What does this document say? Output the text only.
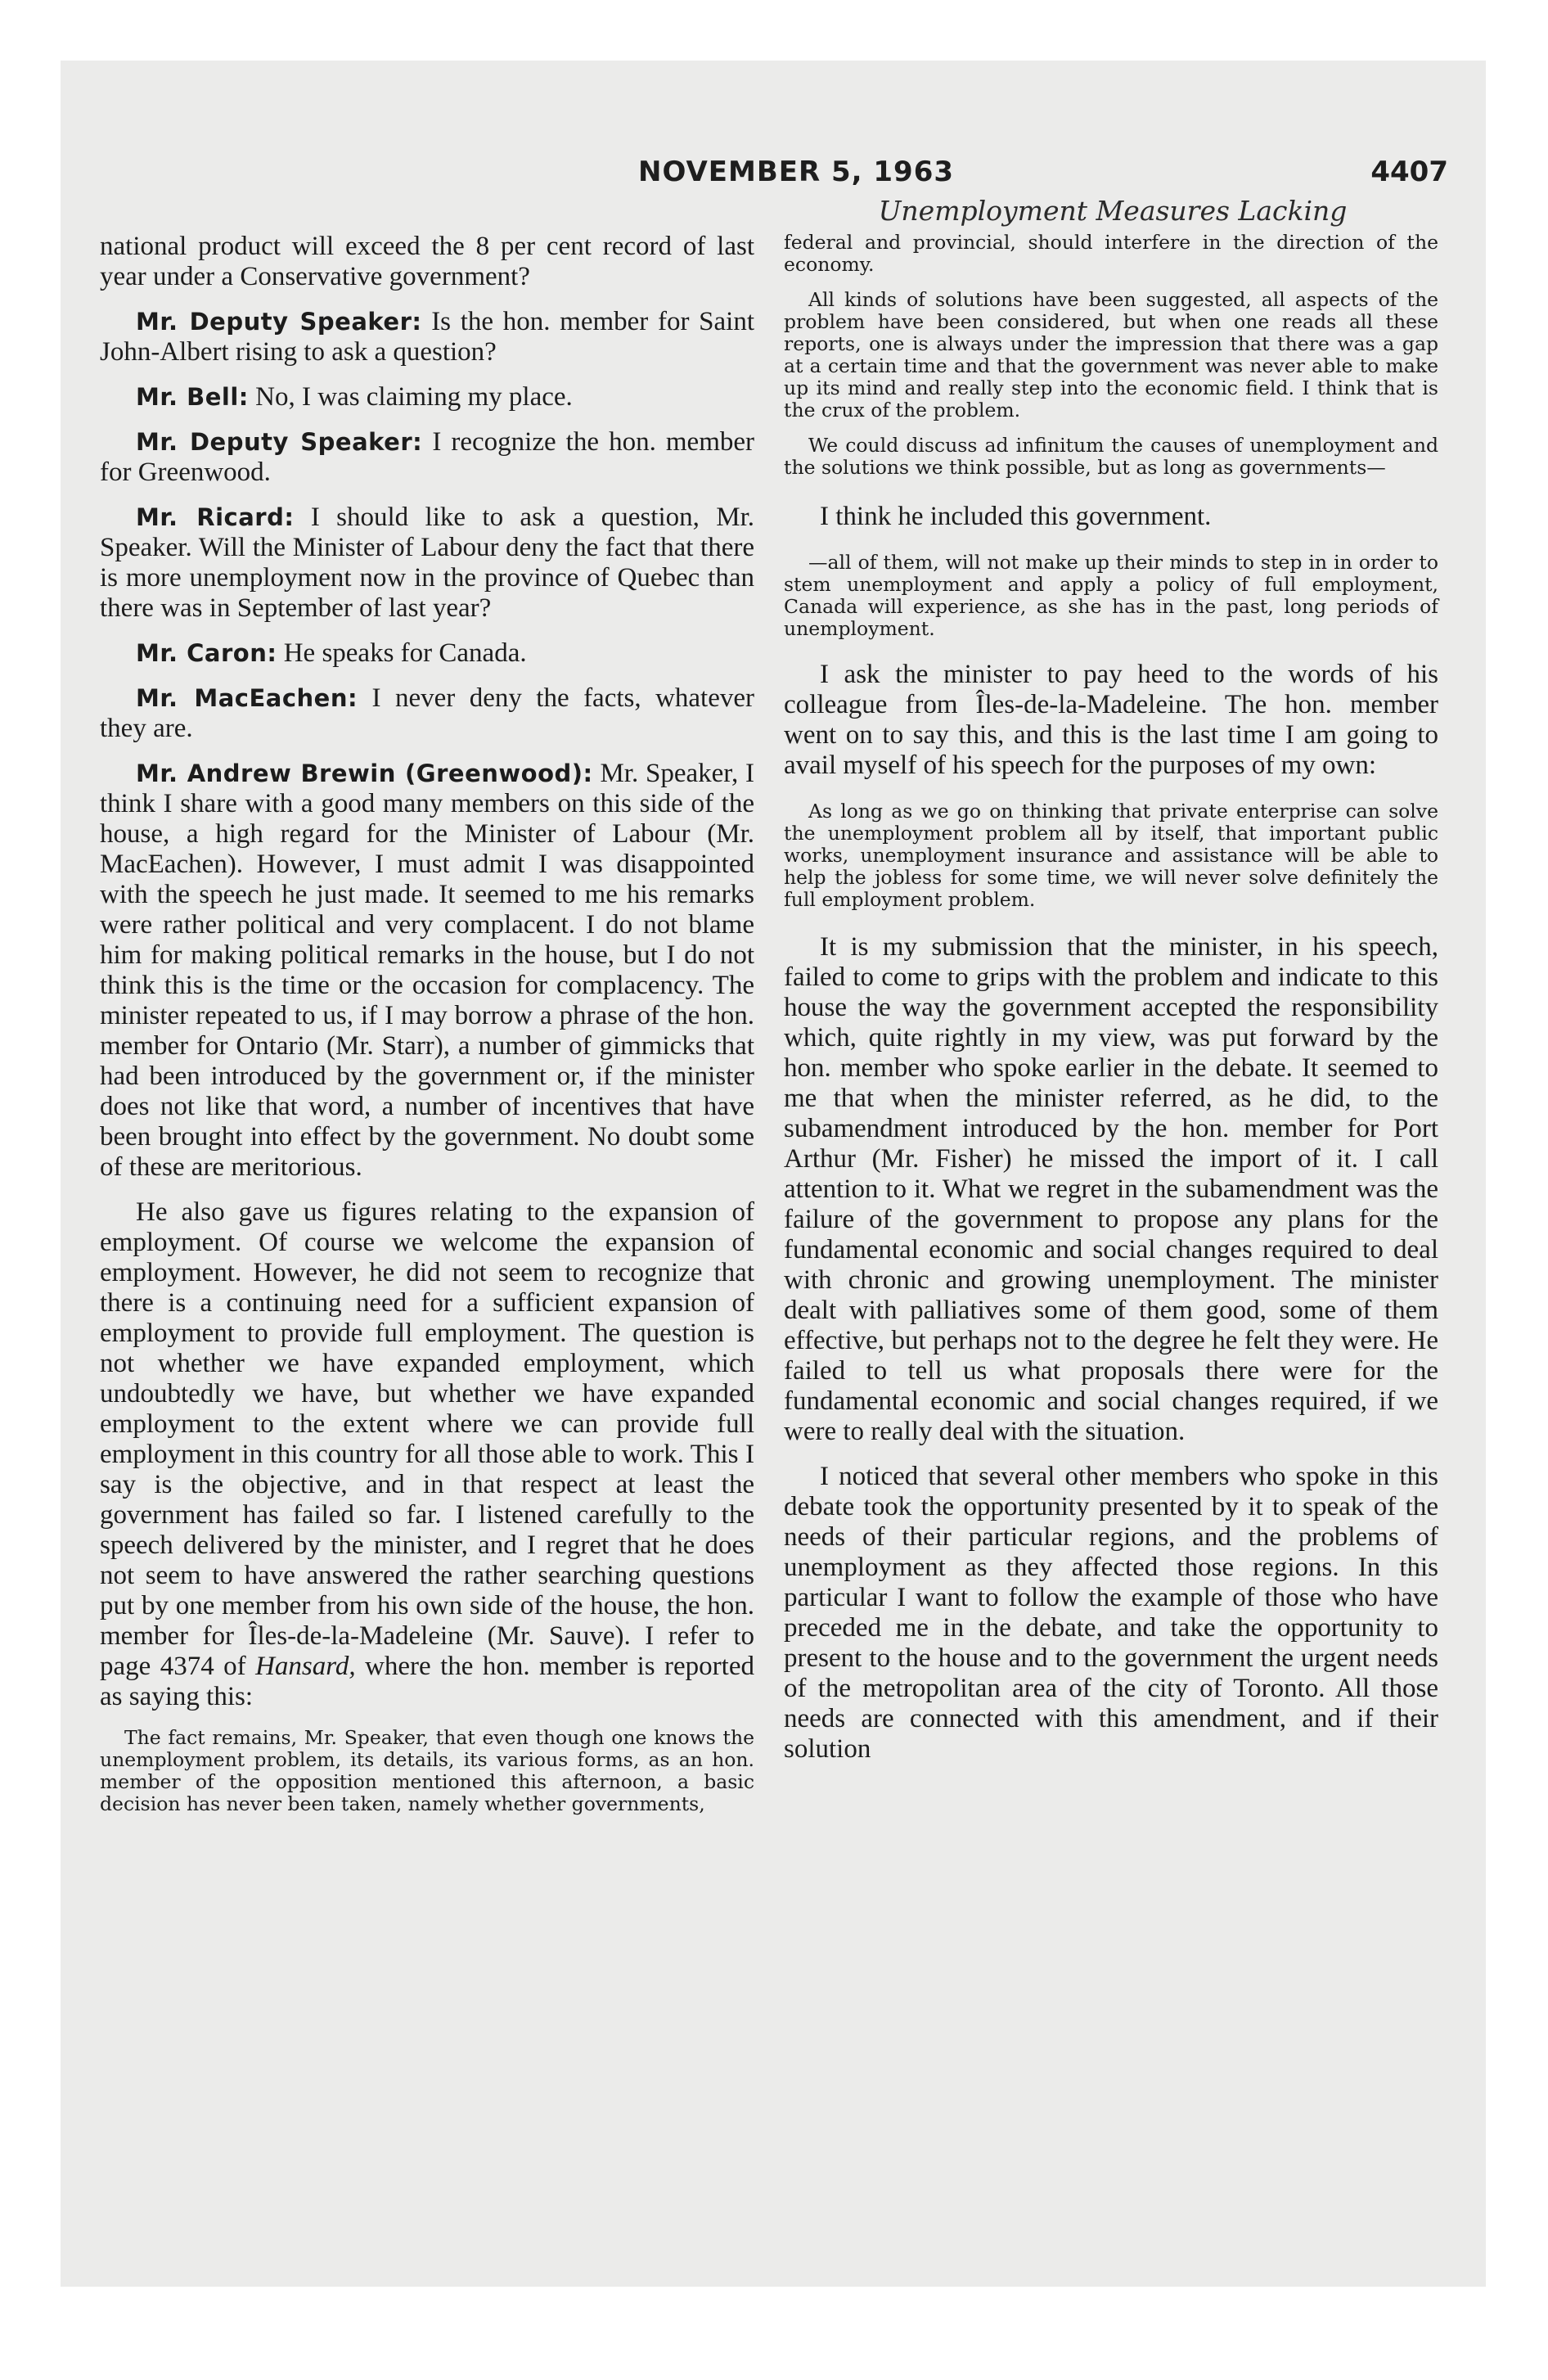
NOVEMBER 5, 1963	4407
Unemployment Measures Lacking

national product will exceed the 8 per cent record of last year under a Conservative government?

Mr. Deputy Speaker: Is the hon. member for Saint John-Albert rising to ask a question?

Mr. Bell: No, I was claiming my place.

Mr. Deputy Speaker: I recognize the hon. member for Greenwood.

Mr. Ricard: I should like to ask a question, Mr. Speaker. Will the Minister of Labour deny the fact that there is more unemployment now in the province of Quebec than there was in September of last year?

Mr. Caron: He speaks for Canada.

Mr. MacEachen: I never deny the facts, whatever they are.

Mr. Andrew Brewin (Greenwood): Mr. Speaker, I think I share with a good many members on this side of the house, a high regard for the Minister of Labour (Mr. MacEachen). However, I must admit I was disappointed with the speech he just made. It seemed to me his remarks were rather political and very complacent. I do not blame him for making political remarks in the house, but I do not think this is the time or the occasion for complacency. The minister repeated to us, if I may borrow a phrase of the hon. member for Ontario (Mr. Starr), a number of gimmicks that had been introduced by the government or, if the minister does not like that word, a number of incentives that have been brought into effect by the government. No doubt some of these are meritorious.

He also gave us figures relating to the expansion of employment. Of course we welcome the expansion of employment. However, he did not seem to recognize that there is a continuing need for a sufficient expansion of employment to provide full employment. The question is not whether we have expanded employment, which undoubtedly we have, but whether we have expanded employment to the extent where we can provide full employment in this country for all those able to work. This I say is the objective, and in that respect at least the government has failed so far. I listened carefully to the speech delivered by the minister, and I regret that he does not seem to have answered the rather searching questions put by one member from his own side of the house, the hon. member for Îles-de-la-Madeleine (Mr. Sauve). I refer to page 4374 of Hansard, where the hon. member is reported as saying this:

The fact remains, Mr. Speaker, that even though one knows the unemployment problem, its details, its various forms, as an hon. member of the opposition mentioned this afternoon, a basic decision has never been taken, namely whether governments,

federal and provincial, should interfere in the direction of the economy.

All kinds of solutions have been suggested, all aspects of the problem have been considered, but when one reads all these reports, one is always under the impression that there was a gap at a certain time and that the government was never able to make up its mind and really step into the economic field. I think that is the crux of the problem.

We could discuss ad infinitum the causes of unemployment and the solutions we think possible, but as long as governments—

I think he included this government.

—all of them, will not make up their minds to step in in order to stem unemployment and apply a policy of full employment, Canada will experience, as she has in the past, long periods of unemployment.

I ask the minister to pay heed to the words of his colleague from Îles-de-la-Madeleine. The hon. member went on to say this, and this is the last time I am going to avail myself of his speech for the purposes of my own:

As long as we go on thinking that private enterprise can solve the unemployment problem all by itself, that important public works, unemployment insurance and assistance will be able to help the jobless for some time, we will never solve definitely the full employment problem.

It is my submission that the minister, in his speech, failed to come to grips with the problem and indicate to this house the way the government accepted the responsibility which, quite rightly in my view, was put forward by the hon. member who spoke earlier in the debate. It seemed to me that when the minister referred, as he did, to the subamendment introduced by the hon. member for Port Arthur (Mr. Fisher) he missed the import of it. I call attention to it. What we regret in the subamendment was the failure of the government to propose any plans for the fundamental economic and social changes required to deal with chronic and growing unemployment. The minister dealt with palliatives some of them good, some of them effective, but perhaps not to the degree he felt they were. He failed to tell us what proposals there were for the fundamental economic and social changes required, if we were to really deal with the situation.

I noticed that several other members who spoke in this debate took the opportunity presented by it to speak of the needs of their particular regions, and the problems of unemployment as they affected those regions. In this particular I want to follow the example of those who have preceded me in the debate, and take the opportunity to present to the house and to the government the urgent needs of the metropolitan area of the city of Toronto. All those needs are connected with this amendment, and if their solution
